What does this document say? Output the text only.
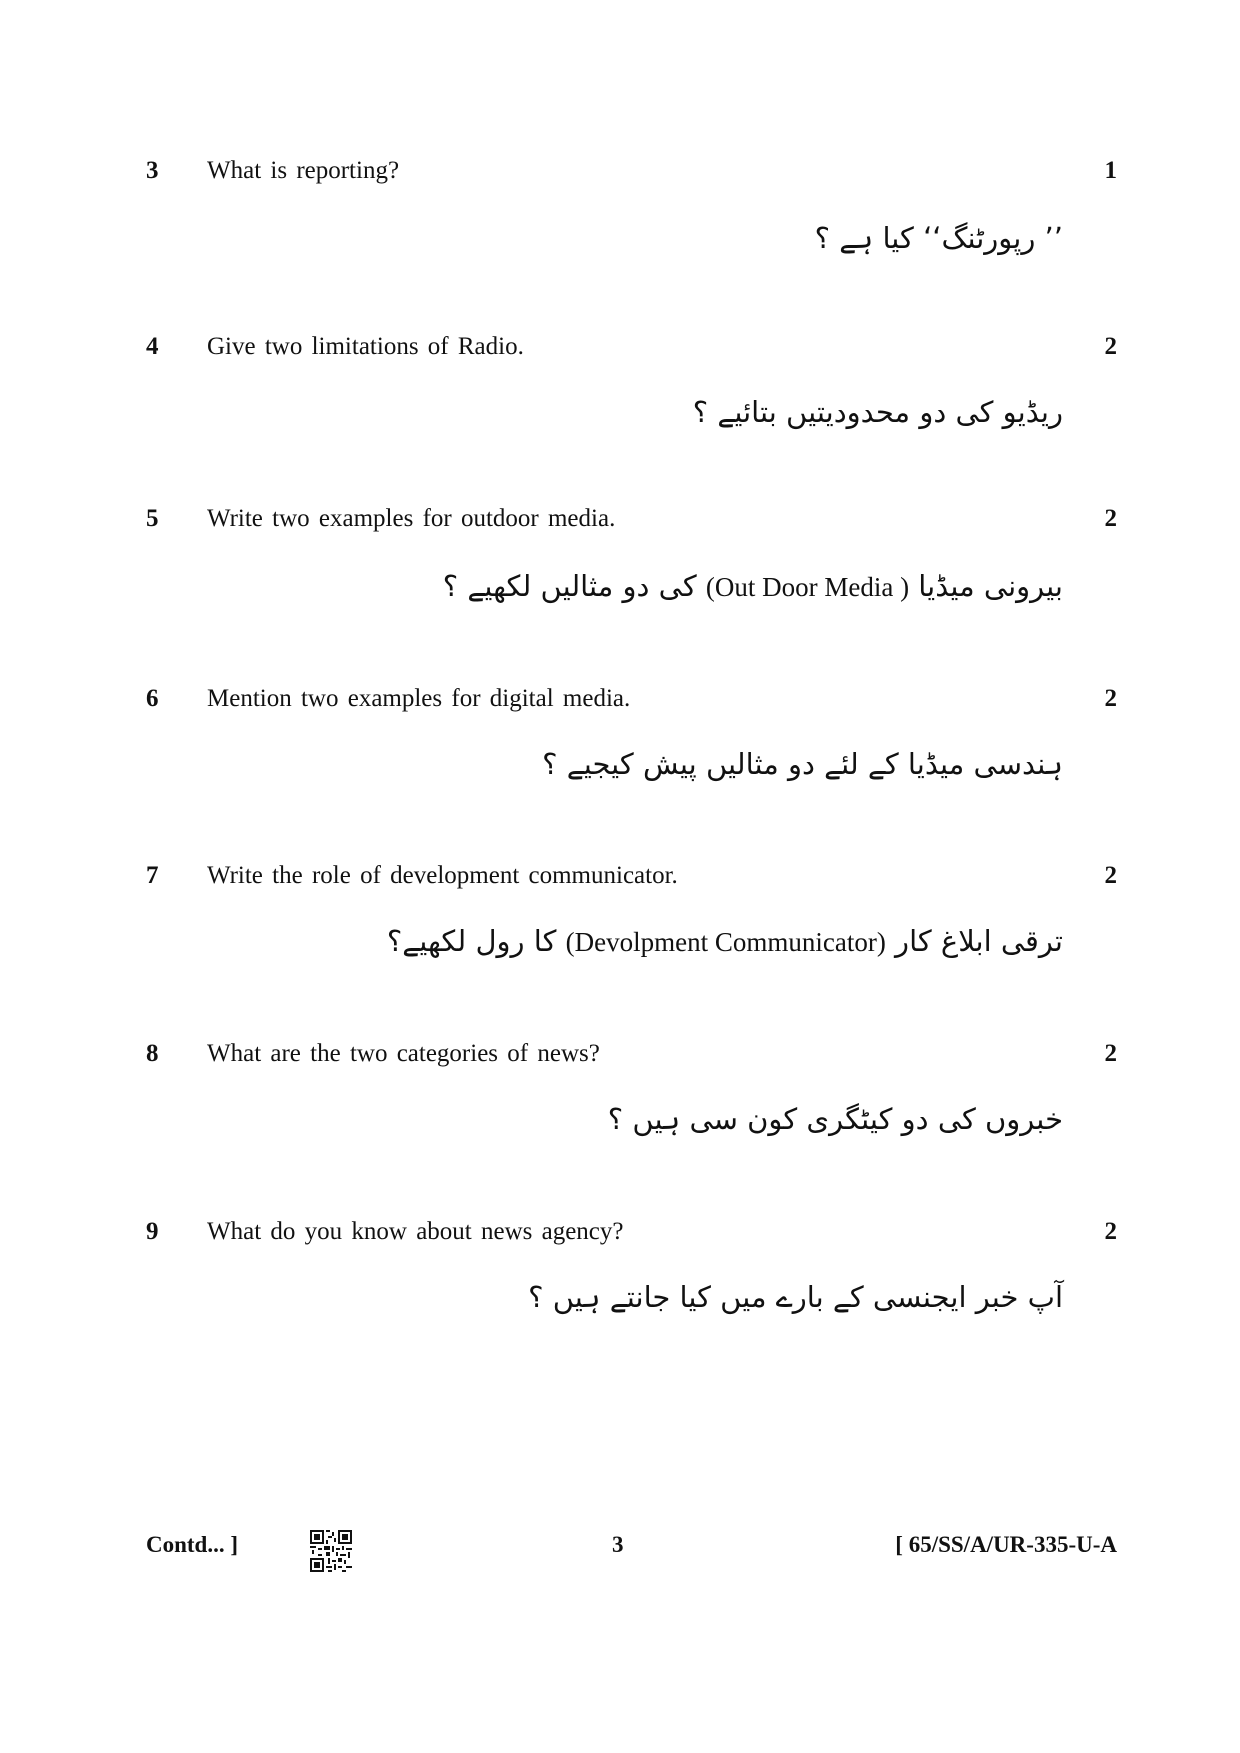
3 What is reporting?	1
’’ رپورٹنگ‘‘ کیا ہے ؟
4 Give two limitations of Radio.	2
ریڈیو کی دو محدودیتیں بتائیے ؟
5 Write two examples for outdoor media.	2
بیرونی میڈیا ( Out Door Media) کی دو مثالیں لکھیے ؟
6 Mention two examples for digital media.	2
ہندسی میڈیا کے لئے دو مثالیں پیش کیجیے ؟
7 Write the role of development communicator.	2
ترقی ابلاغ کار (Devolpment Communicator) کا رول لکھیے؟
8 What are the two categories of news?	2
خبروں کی دو کیٹگری کون سی ہیں ؟
9 What do you know about news agency?	2
آپ خبر ایجنسی کے بارے میں کیا جانتے ہیں ؟
Contd... ]	3	[ 65/SS/A/UR-335-U-A
